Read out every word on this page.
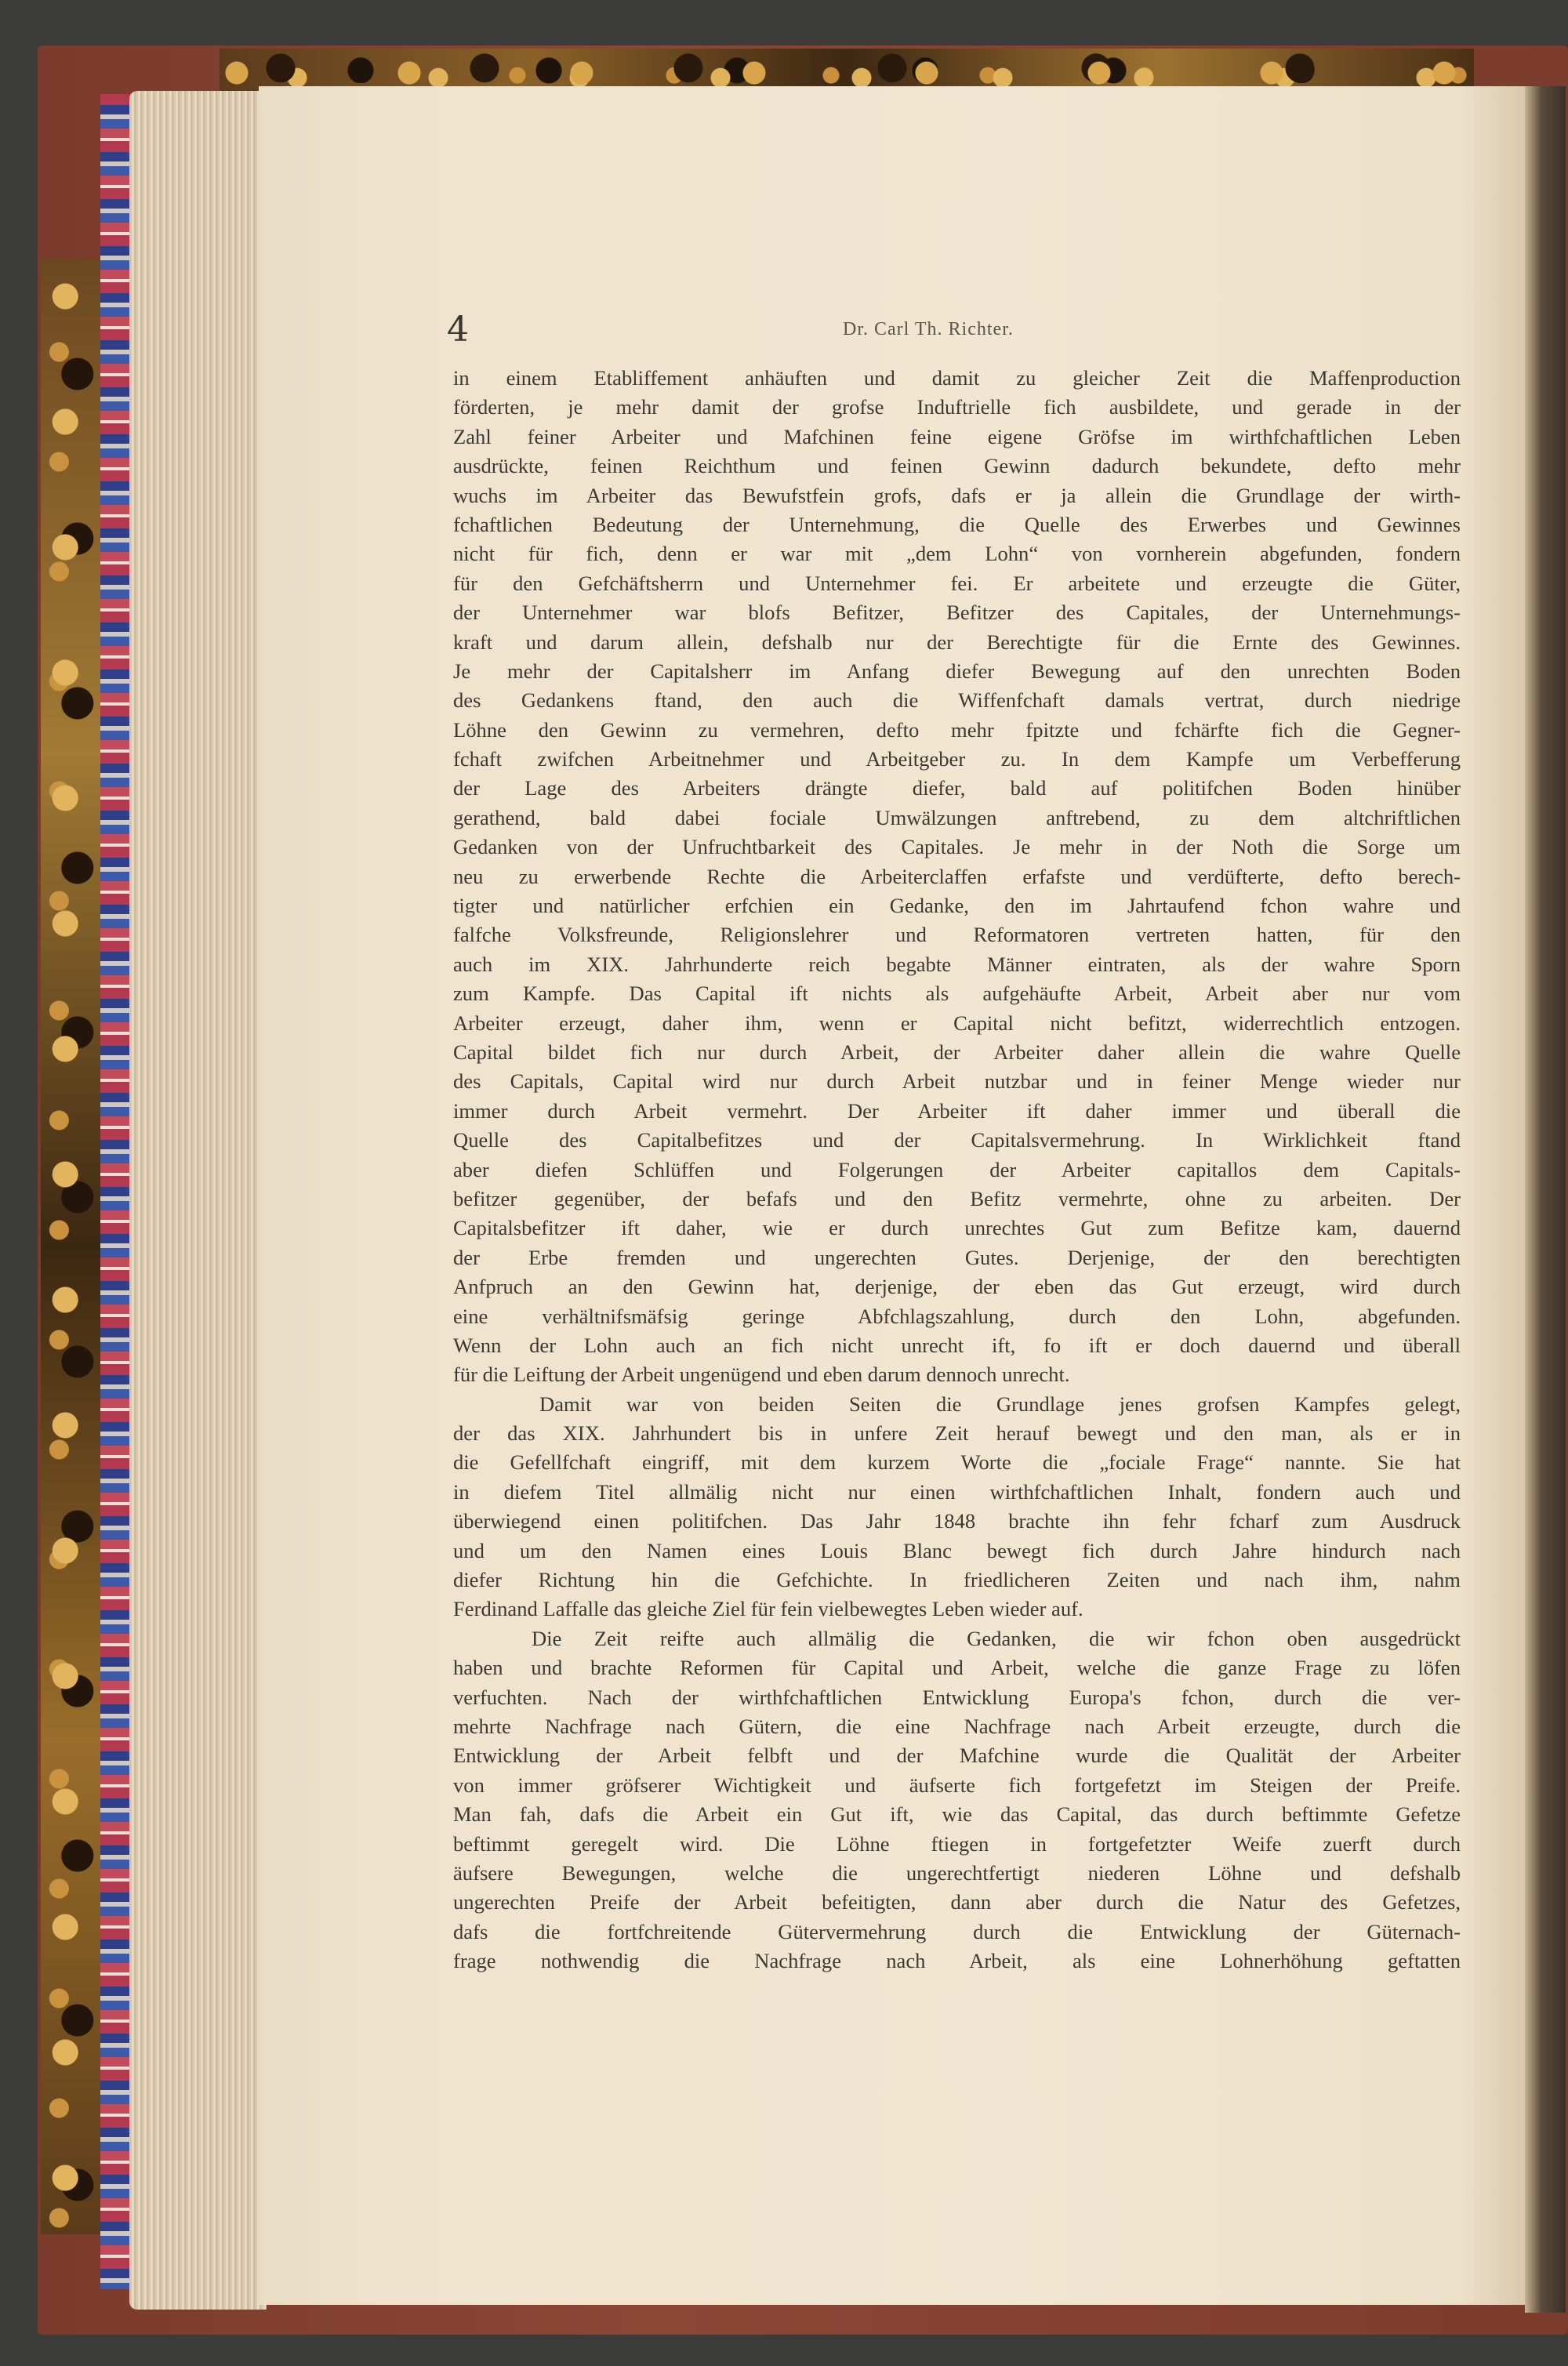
4	Dr. Carl Th. Richter.
in einem Etabliffement anhäuften und damit zu gleicher Zeit die Maffenproduction
förderten, je mehr damit der grofse Induftrielle fich ausbildete, und gerade in der
Zahl feiner Arbeiter und Mafchinen feine eigene Gröfse im wirthfchaftlichen Leben
ausdrückte, feinen Reichthum und feinen Gewinn dadurch bekundete, defto mehr
wuchs im Arbeiter das Bewufstfein grofs, dafs er ja allein die Grundlage der wirth-
fchaftlichen Bedeutung der Unternehmung, die Quelle des Erwerbes und Gewinnes
nicht für fich, denn er war mit „dem Lohn“ von vornherein abgefunden, fondern
für den Gefchäftsherrn und Unternehmer fei. Er arbeitete und erzeugte die Güter,
der Unternehmer war blofs Befitzer, Befitzer des Capitales, der Unternehmungs-
kraft und darum allein, defshalb nur der Berechtigte für die Ernte des Gewinnes.
Je mehr der Capitalsherr im Anfang diefer Bewegung auf den unrechten Boden
des Gedankens ftand, den auch die Wiffenfchaft damals vertrat, durch niedrige
Löhne den Gewinn zu vermehren, defto mehr fpitzte und fchärfte fich die Gegner-
fchaft zwifchen Arbeitnehmer und Arbeitgeber zu. In dem Kampfe um Verbefferung
der Lage des Arbeiters drängte diefer, bald auf politifchen Boden hinüber
gerathend, bald dabei fociale Umwälzungen anftrebend, zu dem altchriftlichen
Gedanken von der Unfruchtbarkeit des Capitales. Je mehr in der Noth die Sorge um
neu zu erwerbende Rechte die Arbeiterclaffen erfafste und verdüfterte, defto berech-
tigter und natürlicher erfchien ein Gedanke, den im Jahrtaufend fchon wahre und
falfche Volksfreunde, Religionslehrer und Reformatoren vertreten hatten, für den
auch im XIX. Jahrhunderte reich begabte Männer eintraten, als der wahre Sporn
zum Kampfe. Das Capital ift nichts als aufgehäufte Arbeit, Arbeit aber nur vom
Arbeiter erzeugt, daher ihm, wenn er Capital nicht befitzt, widerrechtlich entzogen.
Capital bildet fich nur durch Arbeit, der Arbeiter daher allein die wahre Quelle
des Capitals, Capital wird nur durch Arbeit nutzbar und in feiner Menge wieder nur
immer durch Arbeit vermehrt. Der Arbeiter ift daher immer und überall die
Quelle des Capitalbefitzes und der Capitalsvermehrung. In Wirklichkeit ftand
aber diefen Schlüffen und Folgerungen der Arbeiter capitallos dem Capitals-
befitzer gegenüber, der befafs und den Befitz vermehrte, ohne zu arbeiten. Der
Capitalsbefitzer ift daher, wie er durch unrechtes Gut zum Befitze kam, dauernd
der Erbe fremden und ungerechten Gutes. Derjenige, der den berechtigten
Anfpruch an den Gewinn hat, derjenige, der eben das Gut erzeugt, wird durch
eine verhältnifsmäfsig geringe Abfchlagszahlung, durch den Lohn, abgefunden.
Wenn der Lohn auch an fich nicht unrecht ift, fo ift er doch dauernd und überall
für die Leiftung der Arbeit ungenügend und eben darum dennoch unrecht.
Damit war von beiden Seiten die Grundlage jenes grofsen Kampfes gelegt,
der das XIX. Jahrhundert bis in unfere Zeit herauf bewegt und den man, als er in
die Gefellfchaft eingriff, mit dem kurzem Worte die „fociale Frage“ nannte. Sie hat
in diefem Titel allmälig nicht nur einen wirthfchaftlichen Inhalt, fondern auch und
überwiegend einen politifchen. Das Jahr 1848 brachte ihn fehr fcharf zum Ausdruck
und um den Namen eines Louis Blanc bewegt fich durch Jahre hindurch nach
diefer Richtung hin die Gefchichte. In friedlicheren Zeiten und nach ihm, nahm
Ferdinand Laffalle das gleiche Ziel für fein vielbewegtes Leben wieder auf.
Die Zeit reifte auch allmälig die Gedanken, die wir fchon oben ausgedrückt
haben und brachte Reformen für Capital und Arbeit, welche die ganze Frage zu löfen
verfuchten. Nach der wirthfchaftlichen Entwicklung Europa's fchon, durch die ver-
mehrte Nachfrage nach Gütern, die eine Nachfrage nach Arbeit erzeugte, durch die
Entwicklung der Arbeit felbft und der Mafchine wurde die Qualität der Arbeiter
von immer gröfserer Wichtigkeit und äufserte fich fortgefetzt im Steigen der Preife.
Man fah, dafs die Arbeit ein Gut ift, wie das Capital, das durch beftimmte Gefetze
beftimmt geregelt wird. Die Löhne ftiegen in fortgefetzter Weife zuerft durch
äufsere Bewegungen, welche die ungerechtfertigt niederen Löhne und defshalb
ungerechten Preife der Arbeit befeitigten, dann aber durch die Natur des Gefetzes,
dafs die fortfchreitende Gütervermehrung durch die Entwicklung der Güternach-
frage nothwendig die Nachfrage nach Arbeit, als eine Lohnerhöhung geftatten
